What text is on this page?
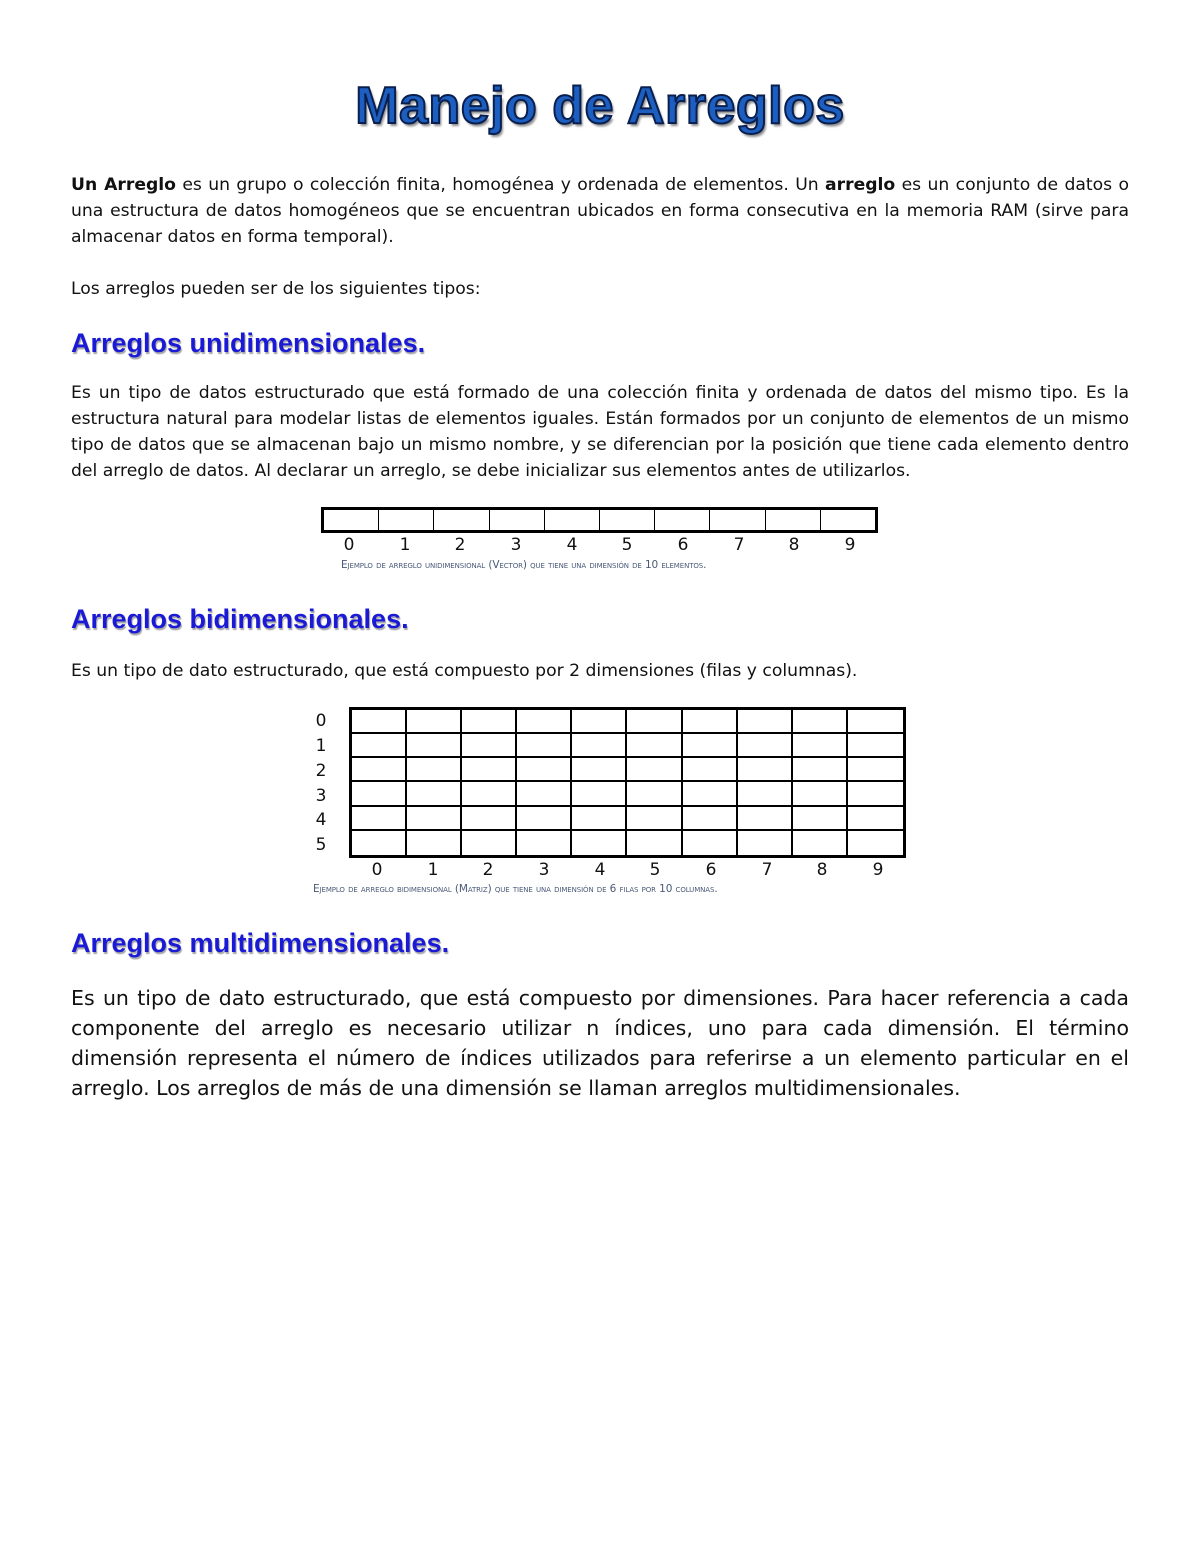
Manejo de Arreglos

Un Arreglo es un grupo o colección finita, homogénea y ordenada de elementos. Un arreglo es un conjunto de datos o una estructura de datos homogéneos que se encuentran ubicados en forma consecutiva en la memoria RAM (sirve para almacenar datos en forma temporal).

Los arreglos pueden ser de los siguientes tipos:

Arreglos unidimensionales.

Es un tipo de datos estructurado que está formado de una colección finita y ordenada de datos del mismo tipo. Es la estructura natural para modelar listas de elementos iguales. Están formados por un conjunto de elementos de un mismo tipo de datos que se almacenan bajo un mismo nombre, y se diferencian por la posición que tiene cada elemento dentro del arreglo de datos. Al declarar un arreglo, se debe inicializar sus elementos antes de utilizarlos.

0	1	2	3	4	5	6	7	8	9

Ejemplo de arreglo unidimensional (Vector) que tiene una dimensión de 10 elementos.

Arreglos bidimensionales.

Es un tipo de dato estructurado, que está compuesto por 2 dimensiones (filas y columnas).

0
1
2
3
4
5
0	1	2	3	4	5	6	7	8	9

Ejemplo de arreglo bidimensional (Matriz) que tiene una dimensión de 6 filas por 10 columnas.

Arreglos multidimensionales.

Es un tipo de dato estructurado, que está compuesto por dimensiones. Para hacer referencia a cada componente del arreglo es necesario utilizar n índices, uno para cada dimensión. El término dimensión representa el número de índices utilizados para referirse a un elemento particular en el arreglo. Los arreglos de más de una dimensión se llaman arreglos multidimensionales.
